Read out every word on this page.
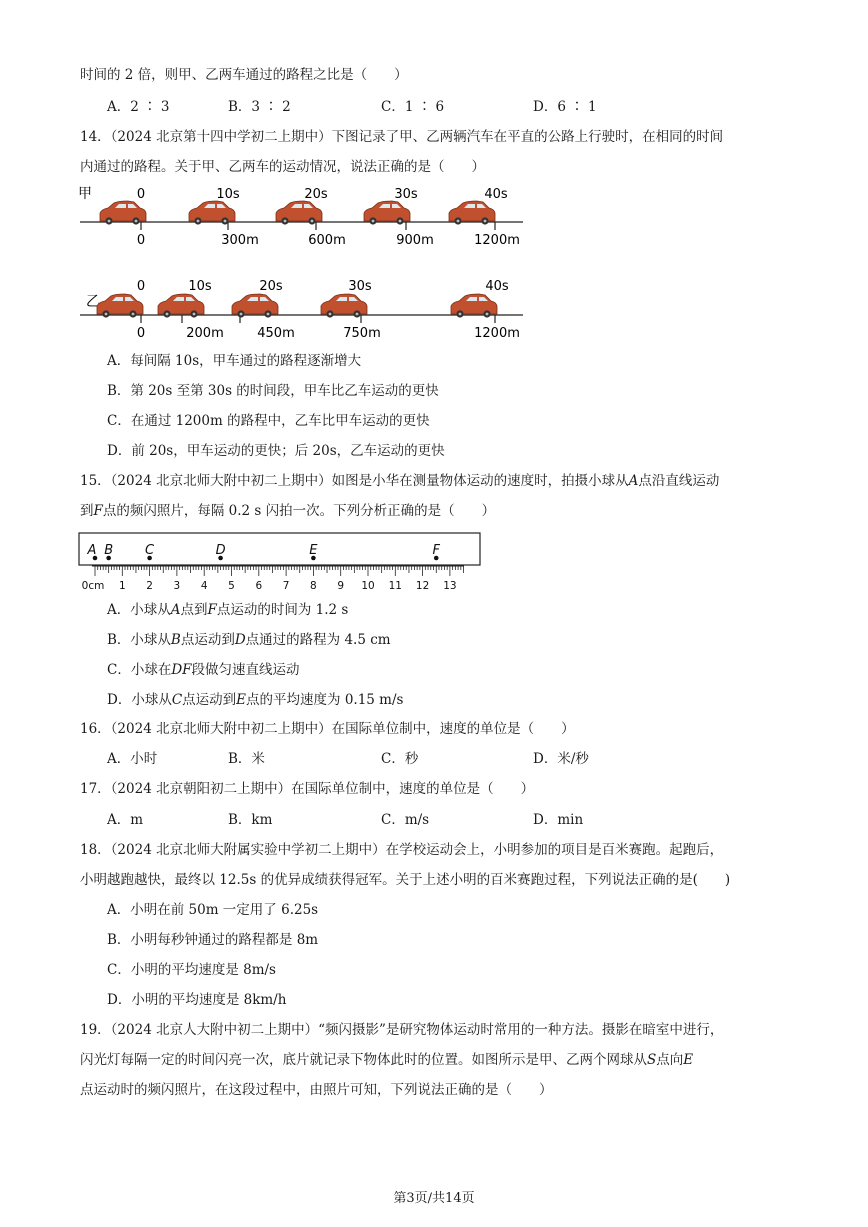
时间的 2 倍，则甲、乙两车通过的路程之比是（　　）
A．2 ∶ 3	B．3 ∶ 2	C．1 ∶ 6	D．6 ∶ 1
14．（2024 北京第十四中学初二上期中）下图记录了甲、乙两辆汽车在平直的公路上行驶时，在相同的时间
内通过的路程。关于甲、乙两车的运动情况，说法正确的是（　　）
甲	0
0
10s
300m
20s
600m
30s
900m
40s
1200m
乙
0
0
10s
200m
20s
450m
30s
750m
40s
1200m
A．每间隔 10s，甲车通过的路程逐渐增大
B．第 20s 至第 30s 的时间段，甲车比乙车运动的更快
C．在通过 1200m 的路程中，乙车比甲车运动的更快
D．前 20s，甲车运动的更快；后 20s，乙车运动的更快
15．（2024 北京北师大附中初二上期中）如图是小华在测量物体运动的速度时，拍摄小球从A点沿直线运动
到F点的频闪照片，每隔 0.2 s 闪拍一次。下列分析正确的是（　　）
A B C	D	E	F
0cm 1 2 3 4 5 6 7 8 9 10 11 12 13
A．小球从A点到F点运动的时间为 1.2 s
B．小球从B点运动到D点通过的路程为 4.5 cm
C．小球在DF段做匀速直线运动
D．小球从C点运动到E点的平均速度为 0.15 m/s
16．（2024 北京北师大附中初二上期中）在国际单位制中，速度的单位是（　　）
A．小时	B．米	C．秒	D．米/秒
17．（2024 北京朝阳初二上期中）在国际单位制中，速度的单位是（　　）
A．m	B．km	C．m/s	D．min
18．（2024 北京北师大附属实验中学初二上期中）在学校运动会上，小明参加的项目是百米赛跑。起跑后，
小明越跑越快，最终以 12.5s 的优异成绩获得冠军。关于上述小明的百米赛跑过程，下列说法正确的是(　　)
A．小明在前 50m 一定用了 6.25s
B．小明每秒钟通过的路程都是 8m
C．小明的平均速度是 8m/s
D．小明的平均速度是 8km/h
19．（2024 北京人大附中初二上期中）“频闪摄影”是研究物体运动时常用的一种方法。摄影在暗室中进行，
闪光灯每隔一定的时间闪亮一次，底片就记录下物体此时的位置。如图所示是甲、乙两个网球从S点向E
点运动时的频闪照片，在这段过程中，由照片可知，下列说法正确的是（　　）
第3页/共14页
